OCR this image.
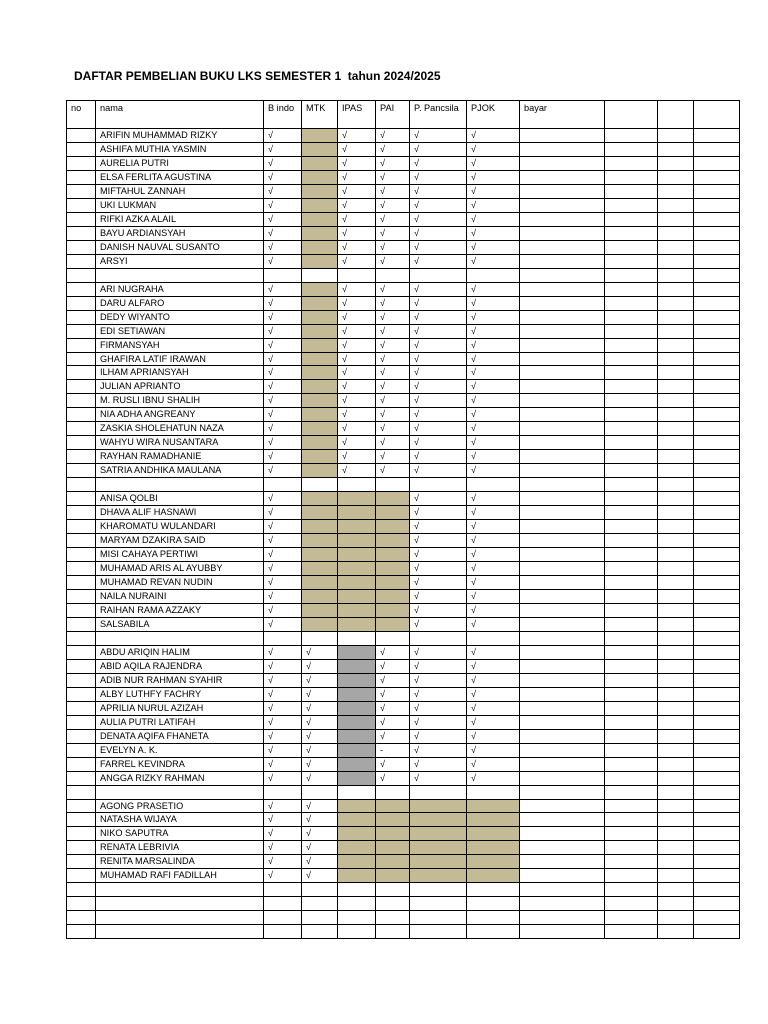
DAFTAR PEMBELIAN BUKU LKS SEMESTER 1  tahun 2024/2025
no	nama	B indo	MTK	IPAS	PAI	P. Pancsila	PJOK	bayar			
	ARIFIN MUHAMMAD RIZKY	√		√	√	√	√				
	ASHIFA MUTHIA YASMIN	√		√	√	√	√				
	AURELIA PUTRI	√		√	√	√	√				
	ELSA FERLITA AGUSTINA	√		√	√	√	√				
	MIFTAHUL ZANNAH	√		√	√	√	√				
	UKI LUKMAN	√		√	√	√	√				
	RIFKI AZKA ALAIL	√		√	√	√	√				
	BAYU ARDIANSYAH	√		√	√	√	√				
	DANISH NAUVAL SUSANTO	√		√	√	√	√				
	ARSYI	√		√	√	√	√				

	ARI NUGRAHA	√		√	√	√	√				
	DARU ALFARO	√		√	√	√	√				
	DEDY WIYANTO	√		√	√	√	√				
	EDI SETIAWAN	√		√	√	√	√				
	FIRMANSYAH	√		√	√	√	√				
	GHAFIRA LATIF IRAWAN	√		√	√	√	√				
	ILHAM APRIANSYAH	√		√	√	√	√				
	JULIAN APRIANTO	√		√	√	√	√				
	M. RUSLI IBNU SHALIH	√		√	√	√	√				
	NIA ADHA ANGREANY	√		√	√	√	√				
	ZASKIA SHOLEHATUN NAZA	√		√	√	√	√				
	WAHYU WIRA NUSANTARA	√		√	√	√	√				
	RAYHAN RAMADHANIE	√		√	√	√	√				
	SATRIA ANDHIKA MAULANA	√		√	√	√	√				

	ANISA QOLBI	√				√	√				
	DHAVA ALIF HASNAWI	√				√	√				
	KHAROMATU WULANDARI	√				√	√				
	MARYAM DZAKIRA SAID	√				√	√				
	MISI CAHAYA PERTIWI	√				√	√				
	MUHAMAD ARIS AL AYUBBY	√				√	√				
	MUHAMAD REVAN NUDIN	√				√	√				
	NAILA NURAINI	√				√	√				
	RAIHAN RAMA AZZAKY	√				√	√				
	SALSABILA	√				√	√				

	ABDU ARIQIN HALIM	√	√		√	√	√				
	ABID AQILA RAJENDRA	√	√		√	√	√				
	ADIB NUR RAHMAN SYAHIR	√	√		√	√	√				
	ALBY LUTHFY FACHRY	√	√		√	√	√				
	APRILIA NURUL AZIZAH	√	√		√	√	√				
	AULIA PUTRI LATIFAH	√	√		√	√	√				
	DENATA AQIFA FHANETA	√	√		√	√	√				
	EVELYN A. K.	√	√		-	√	√				
	FARREL KEVINDRA	√	√		√	√	√				
	ANGGA RIZKY RAHMAN	√	√		√	√	√				

	AGONG PRASETIO	√	√								
	NATASHA WIJAYA	√	√								
	NIKO SAPUTRA	√	√								
	RENATA LEBRIVIA	√	√								
	RENITA MARSALINDA	√	√								
	MUHAMAD RAFI FADILLAH	√	√								
